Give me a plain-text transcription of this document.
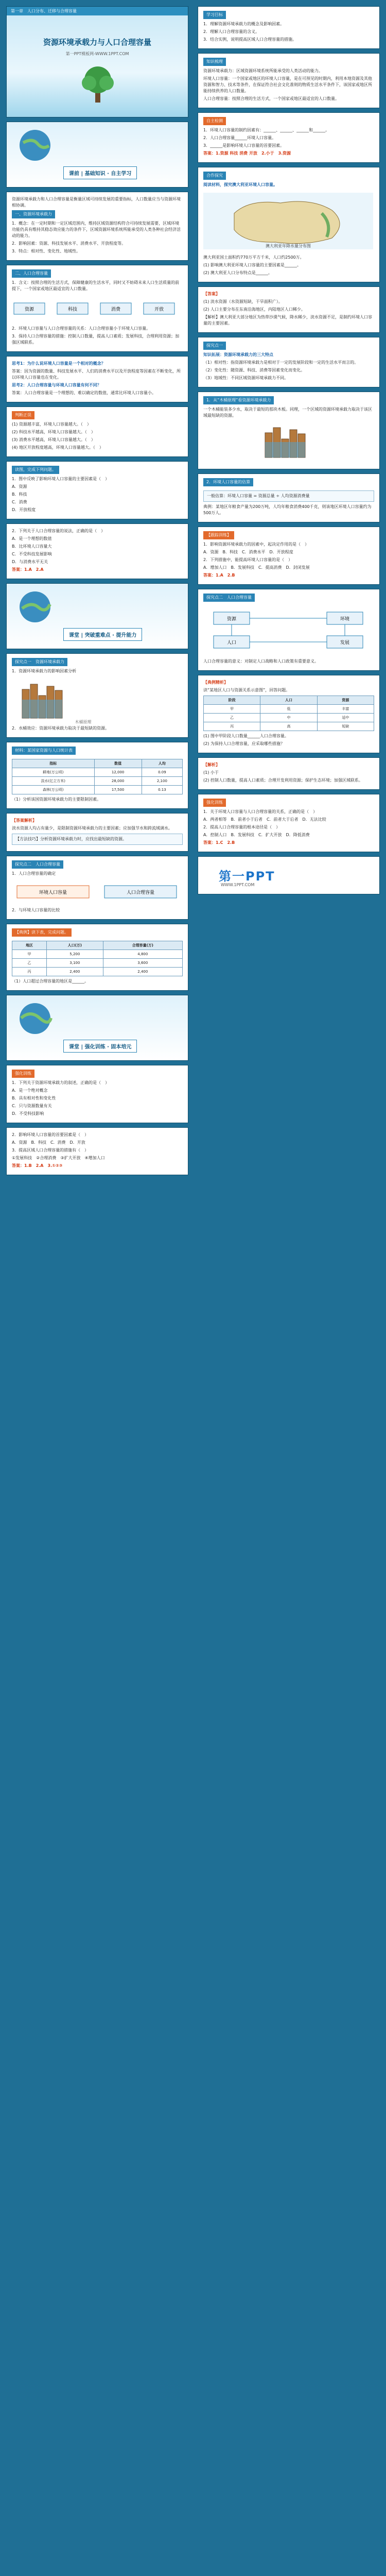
第一章　人口分布、迁移与合理容量
资源环境承载力与人口合理容量
第一PPT模板网-WWW.1PPT.COM
课前 | 基础知识 · 自主学习

资源环境承载力和人口合理容量是衡量区域可持续发展的重要指标，人口数量应当与资源环境相协调。

一、资源环境承载力

1．概念：在一定时期和一定区域范围内，维持区域资源结构符合可持续发展需要，区域环境功能仍具有维持其稳态效应能力的条件下，区域资源环境系统所能承受的人类各种社会经济活动的能力。

2．影响因素：资源、科技发展水平、消费水平、开放程度等。

3．特点：相对性、变化性、地域性。

二、人口合理容量

1．含义：按照合理的生活方式，保障健康的生活水平，同时又不妨碍未来人口生活质量的前提下，一个国家或地区最适宜的人口数量。

资源	科技	消费	开放

2．环境人口容量与人口合理容量的关系：人口合理容量小于环境人口容量。

3．保持人口合理容量的措施：控制人口数量，提高人口素质；发展科技，合理利用资源；加强区域联系。

思考1：为什么说环境人口容量是一个相对的概念？

答案：因为资源的数量、科技发展水平、人们的消费水平以及开放程度等因素在不断变化，所以环境人口容量也在变化。

思考2：人口合理容量与环境人口容量有何不同？

答案：人口合理容量是一个理想的、难以确定的数值，通常比环境人口容量小。

判断正误

(1) 资源越丰富，环境人口容量越大。（　）

(2) 科技水平越高，环境人口容量越大。（　）

(3) 消费水平越高，环境人口容量越大。（　）

(4) 地区开放程度越高，环境人口容量越大。（　）

读图，完成下列问题。

1．图中反映了影响环境人口容量的主要因素是（　）

A．资源

B．科技

C．消费

D．开放程度

2．下列关于人口合理容量的说法，正确的是（　）

A．是一个理想的数值

B．比环境人口容量大

C．不受科技发展影响

D．与消费水平无关

答案：1.A　2.A

课堂 | 突破重难点 · 提升能力
探究点一　资源环境承载力

1．资源环境承载力的影响因素分析

木桶原理

2．水桶效应：资源环境承载力取决于最短缺的资源。

材料：某国家资源与人口统计表
指标	数值	人均
耕地(万公顷)	12,000	0.09
淡水(亿立方米)	28,000	2,100
森林(万公顷)	17,500	0.13

（1）分析该国资源环境承载力的主要限制因素。

【答案解析】

淡水资源人均占有量少，是限制资源环境承载力的主要因素；应加强节水和跨流域调水。

【方法技巧】分析资源环境承载力时，应找出最短缺的资源。
探究点二　人口合理容量

1．人口合理容量的确定

环境人口容量	人口合理容量

2．与环境人口容量的比较

【典例】读下表，完成问题。
地区	人口(万)	合理容量(万)
甲	5,200	4,800
乙	3,100	3,600
丙	2,400	2,400

（1）人口超过合理容量的地区是______。

课堂 | 强化训练 · 固本培元
强化训练

1．下列关于资源环境承载力的叙述，正确的是（　）

A．是一个绝对概念

B．具有相对性和变化性

C．只与资源数量有关

D．不受科技影响

2．影响环境人口容量的首要因素是（　）

A．资源　B．科技　C．消费　D．开放

3．提高区域人口合理容量的措施有（　）

①发展科技　②合理消费　③扩大开放　④增加人口

答案：1.B　2.A　3.①②③

学习目标

1．理解资源环境承载力的概念及影响因素。

2．理解人口合理容量的含义。

3．结合实例，说明提高区域人口合理容量的措施。

知识梳理

资源环境承载力：区域资源环境系统所能承受的人类活动的能力。

环境人口容量：一个国家或地区的环境人口容量，是在可预见的时期内，利用本地资源及其他资源和智力、技术等条件，在保证符合社会文化准则的物质生活水平条件下，该国家或地区所能持续供养的人口数量。

人口合理容量：按照合理的生活方式，一个国家或地区最适宜的人口数量。

自主检测

1．环境人口容量的制约因素有：______、______、______和______。

2．人口合理容量______环境人口容量。

3．______是影响环境人口容量的首要因素。

答案：1.资源 科技 消费 开放　2.小于　3.资源

合作探究

阅读材料，探究澳大利亚环境人口容量。

澳大利亚年降水量分布图

澳大利亚国土面积约770万平方千米，人口约2500万。

(1) 影响澳大利亚环境人口容量的主要因素是______。

(2) 澳大利亚人口分布特点是______。

【答案】

(1) 淡水资源（水资源短缺，干旱面积广）。

(2) 人口主要分布在东南沿海地区，内陆地区人口稀少。

【解析】澳大利亚大部分地区为热带沙漠气候，降水稀少，淡水资源不足，是制约环境人口容量的主要因素。

探究点一

知识拓展：资源环境承载力的三大特点

（1）相对性：指资源环境承载力是相对于一定的发展阶段和一定的生活水平而言的。

（2）变化性：随资源、科技、消费等因素变化而变化。

（3）地域性：不同区域资源环境承载力不同。

1．从“木桶原理”看资源环境承载力

一个木桶能装多少水，取决于最短的那块木板。同理，一个区域的资源环境承载力取决于该区域最短缺的资源。

2．环境人口容量的估算
一般估算：环境人口容量 = 资源总量 ÷ 人均资源消费量

典例：某地区年粮食产量为200万吨，人均年粮食消费400千克，则该地区环境人口容量约为500万人。

【跟踪训练】

1．影响资源环境承载力的因素中，起决定作用的是（　）

A．资源　B．科技　C．消费水平　D．开放程度

2．下列措施中，能提高环境人口容量的是（　）

A．增加人口　B．发展科技　C．提高消费　D．封闭发展

答案：1.A　2.B

探究点二　人口合理容量
资源	环境
人口	发展

人口合理容量的意义：对制定人口战略和人口政策有重要意义。

【典例精析】

读“某地区人口与资源关系示意图”，回答问题。

阶段	人口	资源
甲	低	丰富
乙	中	适中
丙	高	短缺

(1) 图中甲阶段人口数量______人口合理容量。

(2) 为保持人口合理容量，应采取哪些措施？

【解析】

(1) 小于

(2) 控制人口数量，提高人口素质；合理开发利用资源；保护生态环境；加强区域联系。

强化训练

1．关于环境人口容量与人口合理容量的关系，正确的是（　）

A．两者相等　B．前者小于后者　C．前者大于后者　D．无法比较

2．提高人口合理容量的根本途径是（　）

A．控制人口　B．发展科技　C．扩大开放　D．降低消费

答案：1.C　2.B

第一PPT
WWW.1PPT.COM
